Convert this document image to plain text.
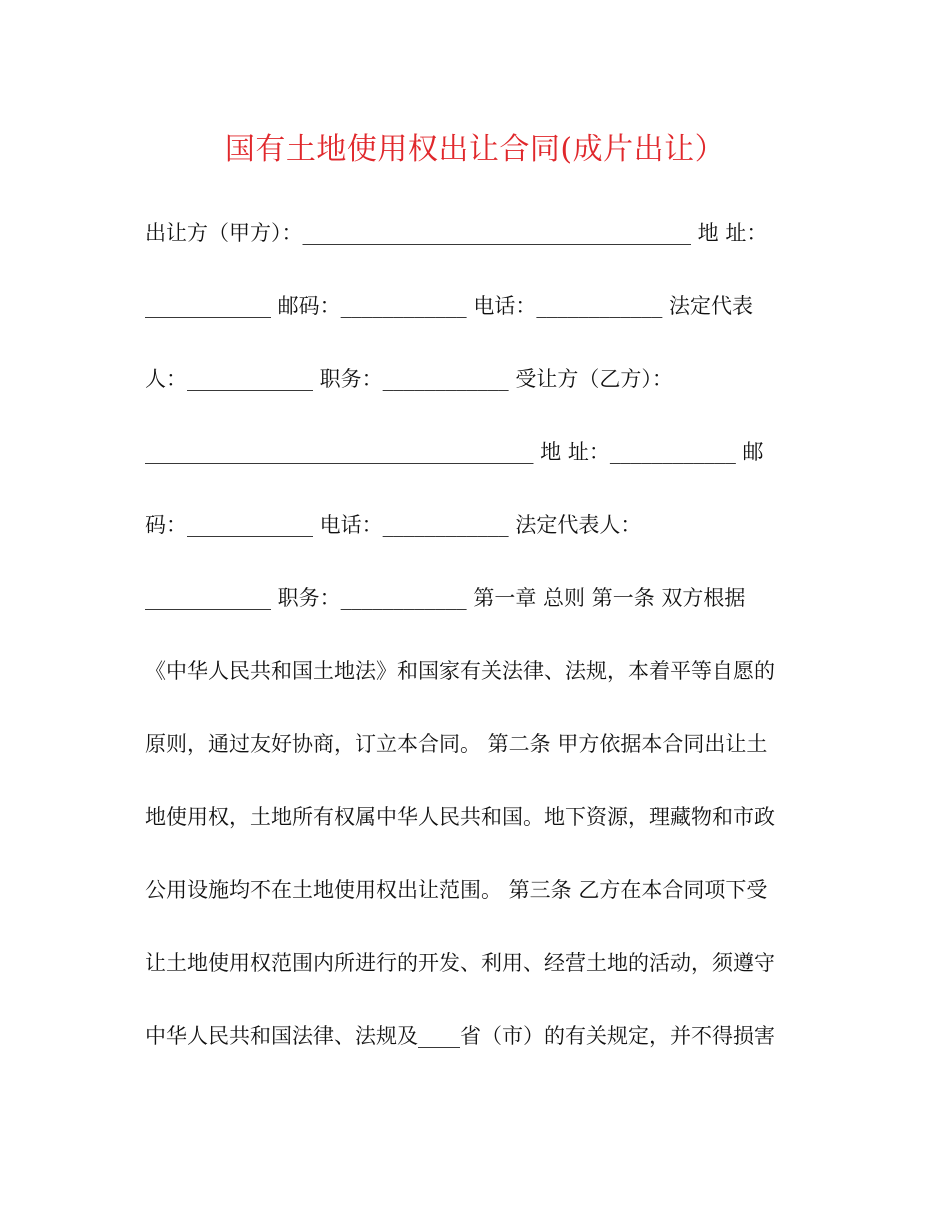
国有土地使用权出让合同(成片出让）
出让方（甲方）：_____________________________________ 地 址：
____________ 邮码：____________ 电话：____________ 法定代表
人：____________ 职务：____________ 受让方（乙方）：
_____________________________________ 地 址：____________ 邮
码：____________ 电话：____________ 法定代表人：
____________ 职务：____________ 第一章 总则 第一条 双方根据
《中华人民共和国土地法》和国家有关法律、法规，本着平等自愿的
原则，通过友好协商，订立本合同。 第二条 甲方依据本合同出让土
地使用权，土地所有权属中华人民共和国。地下资源，理藏物和市政
公用设施均不在土地使用权出让范围。 第三条 乙方在本合同项下受
让土地使用权范围内所进行的开发、利用、经营土地的活动，须遵守
中华人民共和国法律、法规及____省（市）的有关规定，并不得损害
